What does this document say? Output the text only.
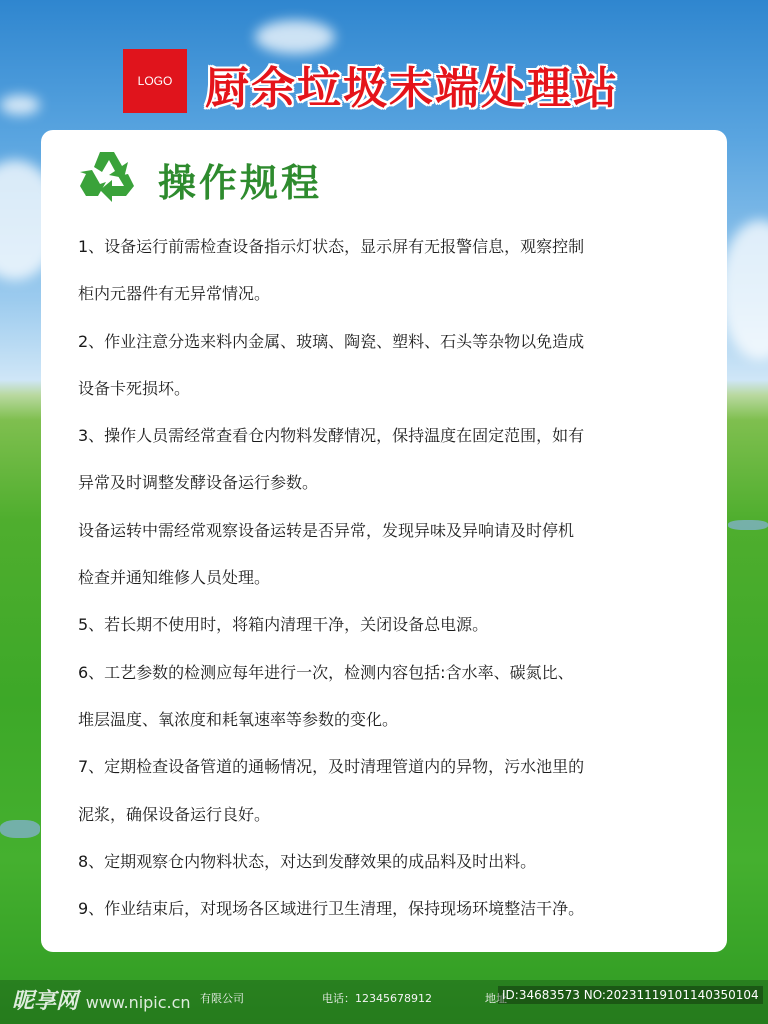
LOGO 厨余垃圾末端处理站
操作规程
1、设备运行前需检查设备指示灯状态，显示屏有无报警信息，观察控制
柜内元器件有无异常情况。
2、作业注意分选来料内金属、玻璃、陶瓷、塑料、石头等杂物以免造成
设备卡死损坏。
3、操作人员需经常查看仓内物料发酵情况，保持温度在固定范围，如有
异常及时调整发酵设备运行参数。
设备运转中需经常观察设备运转是否异常，发现异味及异响请及时停机
检查并通知维修人员处理。
5、若长期不使用时，将箱内清理干净，关闭设备总电源。
6、工艺参数的检测应每年进行一次，检测内容包括:含水率、碳氮比、
堆层温度、氧浓度和耗氧速率等参数的变化。
7、定期检查设备管道的通畅情况，及时清理管道内的异物，污水池里的
泥浆，确保设备运行良好。
8、定期观察仓内物料状态，对达到发酵效果的成品料及时出料。
9、作业结束后，对现场各区域进行卫生清理，保持现场环境整洁干净。
有限公司	电话：12345678912	地址
昵享网 www.nipic.cn	ID:34683573 NO:20231119101140350104
